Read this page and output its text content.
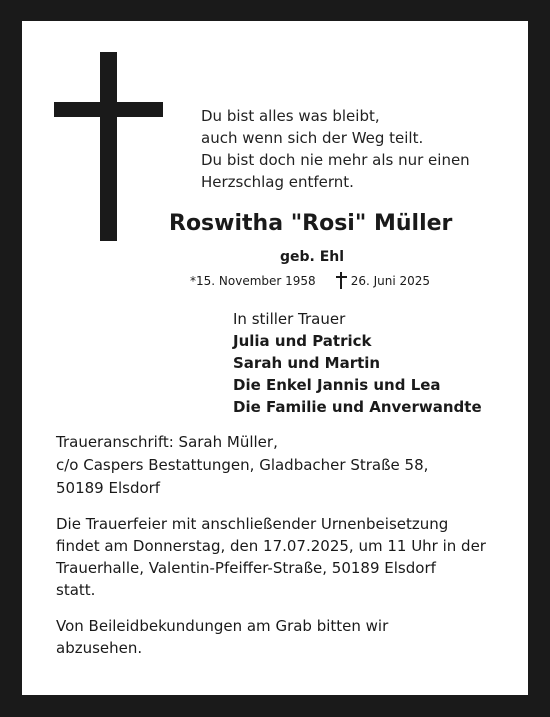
Du bist alles was bleibt,
auch wenn sich der Weg teilt.
Du bist doch nie mehr als nur einen
Herzschlag entfernt.
Roswitha "Rosi" Müller
geb. Ehl
*15. November 1958	26. Juni 2025
In stiller Trauer
Julia und Patrick
Sarah und Martin
Die Enkel Jannis und Lea
Die Familie und Anverwandte
Traueranschrift: Sarah Müller,
c/o Caspers Bestattungen, Gladbacher Straße 58,
50189 Elsdorf
Die Trauerfeier mit anschließender Urnenbeisetzung
findet am Donnerstag, den 17.07.2025, um 11 Uhr in der
Trauerhalle, Valentin-Pfeiffer-Straße, 50189 Elsdorf
statt.
Von Beileidbekundungen am Grab bitten wir
abzusehen.
